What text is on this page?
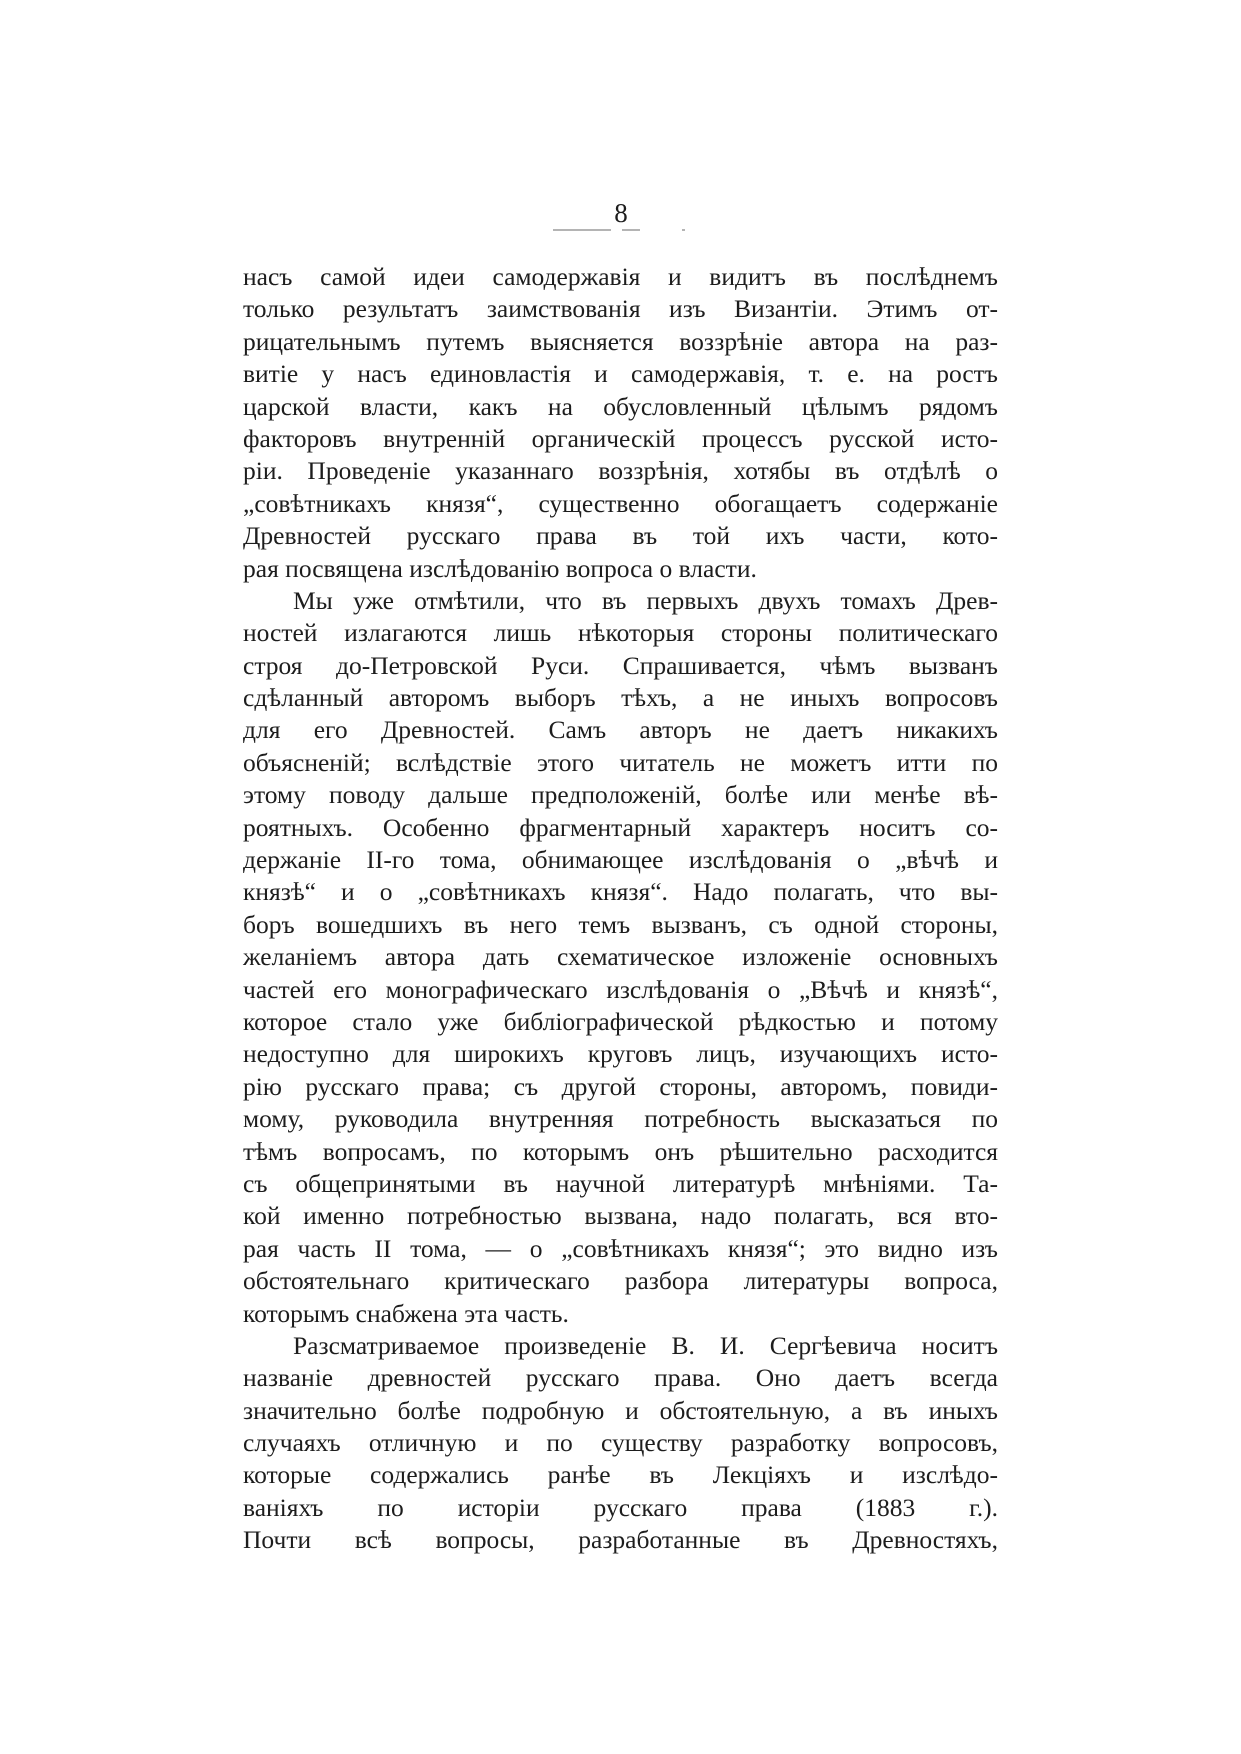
8
насъ самой идеи самодержавія и видитъ въ послѣднемъ
только результатъ заимствованія изъ Византіи. Этимъ от-
рицательнымъ путемъ выясняется воззрѣніе автора на раз-
витіе у насъ единовластія и самодержавія, т. е. на ростъ
царской власти, какъ на обусловленный цѣлымъ рядомъ
факторовъ внутренній органическій процессъ русской исто-
ріи. Проведеніе указаннаго воззрѣнія, хотябы въ отдѣлѣ о
„совѣтникахъ князя“, существенно обогащаетъ содержаніе
Древностей русскаго права въ той ихъ части, кото-
рая посвящена изслѣдованію вопроса о власти.
Мы уже отмѣтили, что въ первыхъ двухъ томахъ Древ-
ностей излагаются лишь нѣкоторыя стороны политическаго
строя до-Петровской Руси. Спрашивается, чѣмъ вызванъ
сдѣланный авторомъ выборъ тѣхъ, а не иныхъ вопросовъ
для его Древностей. Самъ авторъ не даетъ никакихъ
объясненій; вслѣдствіе этого читатель не можетъ итти по
этому поводу дальше предположеній, болѣе или менѣе вѣ-
роятныхъ. Особенно фрагментарный характеръ носитъ со-
держаніе II-го тома, обнимающее изслѣдованія о „вѣчѣ и
князѣ“ и о „совѣтникахъ князя“. Надо полагать, что вы-
боръ вошедшихъ въ него темъ вызванъ, съ одной стороны,
желаніемъ автора дать схематическое изложеніе основныхъ
частей его монографическаго изслѣдованія о „Вѣчѣ и князѣ“,
которое стало уже библіографической рѣдкостью и потому
недоступно для широкихъ круговъ лицъ, изучающихъ исто-
рію русскаго права; съ другой стороны, авторомъ, повиди-
мому, руководила внутренняя потребность высказаться по
тѣмъ вопросамъ, по которымъ онъ рѣшительно расходится
съ общепринятыми въ научной литературѣ мнѣніями. Та-
кой именно потребностью вызвана, надо полагать, вся вто-
рая часть II тома, — о „совѣтникахъ князя“; это видно изъ
обстоятельнаго критическаго разбора литературы вопроса,
которымъ снабжена эта часть.
Разсматриваемое произведеніе В. И. Сергѣевича носитъ
названіе древностей русскаго права. Оно даетъ всегда
значительно болѣе подробную и обстоятельную, а въ иныхъ
случаяхъ отличную и по существу разработку вопросовъ,
которые содержались ранѣе въ Лекціяхъ и изслѣдо-
ваніяхъ по исторіи русскаго права (1883 г.).
Почти всѣ вопросы, разработанные въ Древностяхъ,
